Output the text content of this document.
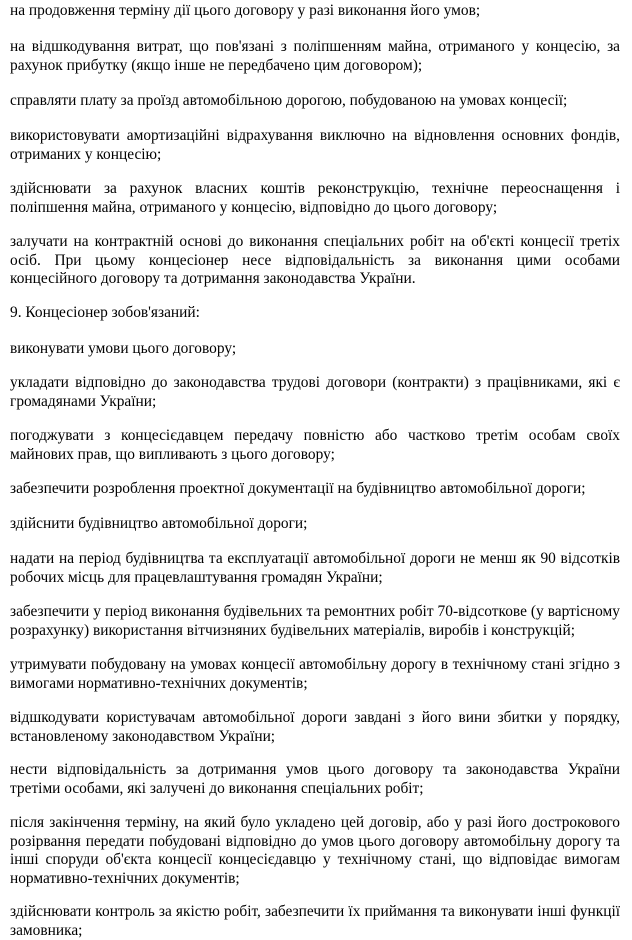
на продовження терміну дії цього договору у разі виконання його умов;

на відшкодування витрат, що пов'язані з поліпшенням майна, отриманого у концесію, за рахунок прибутку (якщо інше не передбачено цим договором);

справляти плату за проїзд автомобільною дорогою, побудованою на умовах концесії;

використовувати амортизаційні відрахування виключно на відновлення основних фондів, отриманих у концесію;

здійснювати за рахунок власних коштів реконструкцію, технічне переоснащення і поліпшення майна, отриманого у концесію, відповідно до цього договору;

залучати на контрактній основі до виконання спеціальних робіт на об'єкті концесії третіх осіб. При цьому концесіонер несе відповідальність за виконання цими особами концесійного договору та дотримання законодавства України.

9. Концесіонер зобов'язаний:

виконувати умови цього договору;

укладати відповідно до законодавства трудові договори (контракти) з працівниками, які є громадянами України;

погоджувати з концесієдавцем передачу повністю або частково третім особам своїх майнових прав, що випливають з цього договору;

забезпечити розроблення проектної документації на будівництво автомобільної дороги;

здійснити будівництво автомобільної дороги;

надати на період будівництва та експлуатації автомобільної дороги не менш як 90 відсотків робочих місць для працевлаштування громадян України;

забезпечити у період виконання будівельних та ремонтних робіт 70-відсоткове (у вартісному розрахунку) використання вітчизняних будівельних матеріалів, виробів і конструкцій;

утримувати побудовану на умовах концесії автомобільну дорогу в технічному стані згідно з вимогами нормативно-технічних документів;

відшкодувати користувачам автомобільної дороги завдані з його вини збитки у порядку, встановленому законодавством України;

нести відповідальність за дотримання умов цього договору та законодавства України третіми особами, які залучені до виконання спеціальних робіт;

після закінчення терміну, на який було укладено цей договір, або у разі його дострокового розірвання передати побудовані відповідно до умов цього договору автомобільну дорогу та інші споруди об'єкта концесії концесієдавцю у технічному стані, що відповідає вимогам нормативно-технічних документів;

здійснювати контроль за якістю робіт, забезпечити їх приймання та виконувати інші функції замовника;
